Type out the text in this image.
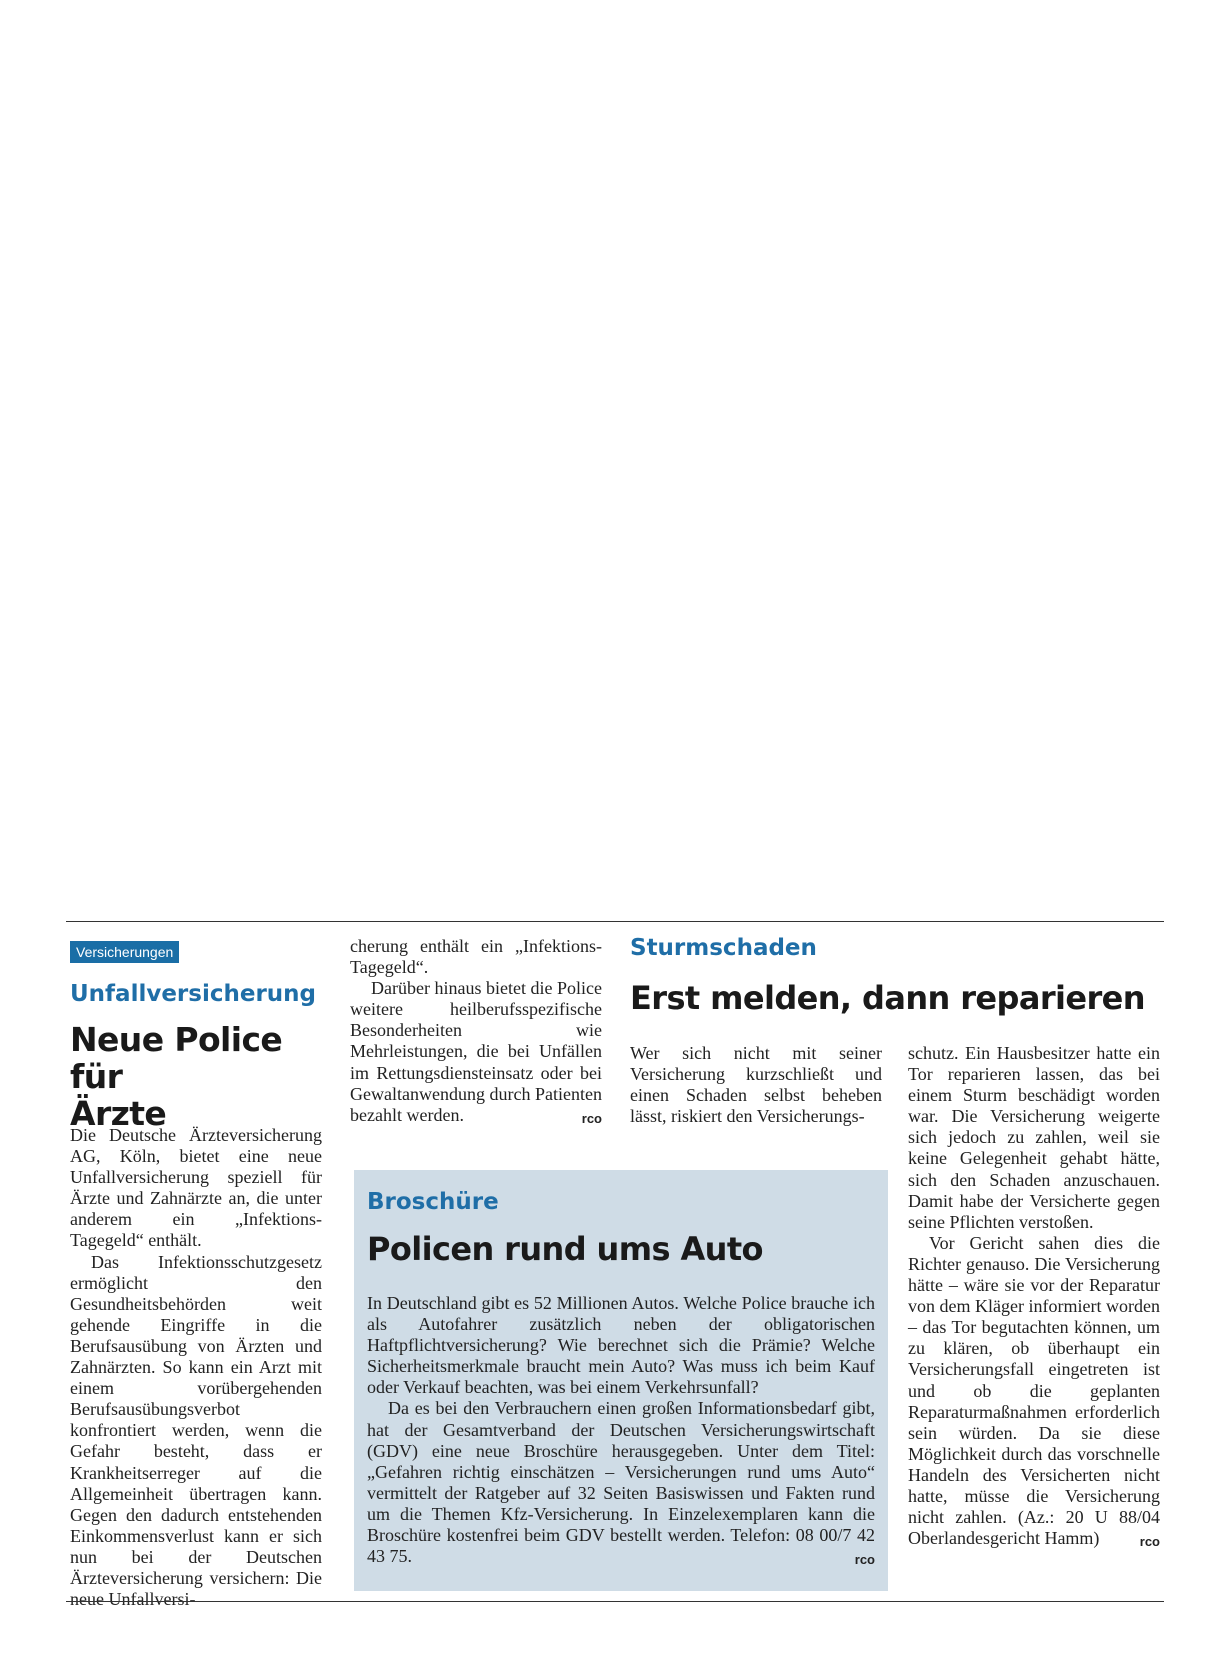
Versicherungen
Unfallversicherung
Neue Police für
Ärzte

Die Deutsche Ärzteversicherung AG, Köln, bietet eine neue Unfallversicherung speziell für Ärzte und Zahnärzte an, die unter anderem ein „Infektions-Tagegeld“ enthält.

Das Infektionsschutzgesetz ermöglicht den Gesundheitsbehörden weit gehende Eingriffe in die Berufsausübung von Ärzten und Zahnärzten. So kann ein Arzt mit einem vorübergehenden Berufsausübungsverbot konfrontiert werden, wenn die Gefahr besteht, dass er Krankheitserreger auf die Allgemeinheit übertragen kann. Gegen den dadurch entstehenden Einkommensverlust kann er sich nun bei der Deutschen Ärzteversicherung versichern: Die neue Unfallversi-

cherung enthält ein „Infektions-Tagegeld“.

Darüber hinaus bietet die Police weitere heilberufsspezifische Besonderheiten wie Mehrleistungen, die bei Unfällen im Rettungsdiensteinsatz oder bei Gewaltanwendung durch Patienten bezahlt werden.	rco

Sturmschaden
Erst melden, dann reparieren

Wer sich nicht mit seiner Versicherung kurzschließt und einen Schaden selbst beheben lässt, riskiert den Versicherungs-

schutz. Ein Hausbesitzer hatte ein Tor reparieren lassen, das bei einem Sturm beschädigt worden war. Die Versicherung weigerte sich jedoch zu zahlen, weil sie keine Gelegenheit gehabt hätte, sich den Schaden anzuschauen. Damit habe der Versicherte gegen seine Pflichten verstoßen.

Vor Gericht sahen dies die Richter genauso. Die Versicherung hätte – wäre sie vor der Reparatur von dem Kläger informiert worden – das Tor begutachten können, um zu klären, ob überhaupt ein Versicherungsfall eingetreten ist und ob die geplanten Reparaturmaßnahmen erforderlich sein würden. Da sie diese Möglichkeit durch das vorschnelle Handeln des Versicherten nicht hatte, müsse die Versicherung nicht zahlen. (Az.: 20 U 88/04 Oberlandesgericht Hamm)	rco

Broschüre
Policen rund ums Auto

In Deutschland gibt es 52 Millionen Autos. Welche Police brauche ich als Autofahrer zusätzlich neben der obligatorischen Haftpflichtversicherung? Wie berechnet sich die Prämie? Welche Sicherheitsmerkmale braucht mein Auto? Was muss ich beim Kauf oder Verkauf beachten, was bei einem Verkehrsunfall?

Da es bei den Verbrauchern einen großen Informationsbedarf gibt, hat der Gesamtverband der Deutschen Versicherungswirtschaft (GDV) eine neue Broschüre herausgegeben. Unter dem Titel: „Gefahren richtig einschätzen – Versicherungen rund ums Auto“ vermittelt der Ratgeber auf 32 Seiten Basiswissen und Fakten rund um die Themen Kfz-Versicherung. In Einzelexemplaren kann die Broschüre kostenfrei beim GDV bestellt werden. Telefon: 08 00/7 42 43 75.	rco
